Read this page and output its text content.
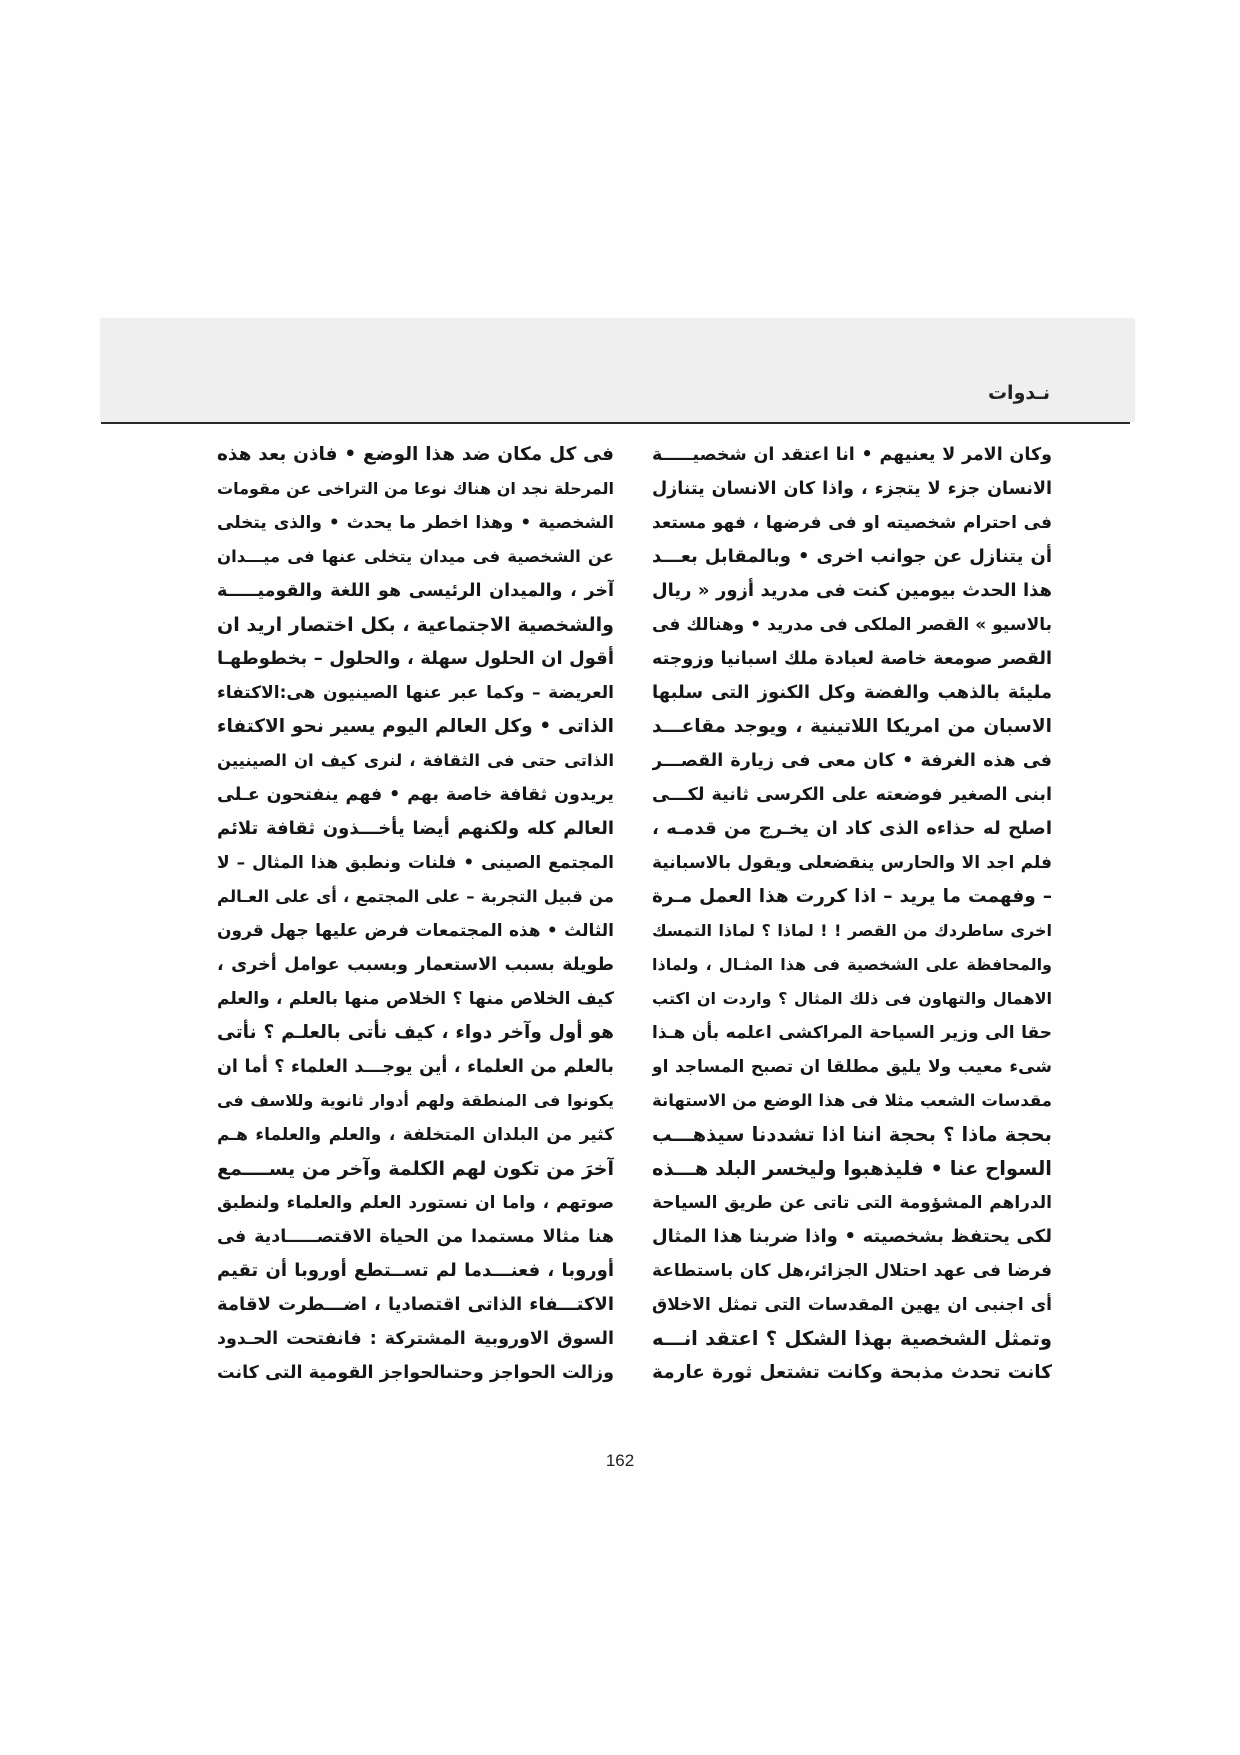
نـدوات
وكان الامر لا يعنيهم • انا اعتقد ان شخصيـــــة
الانسان جزء لا يتجزء ، واذا كان الانسان يتنازل
فى احترام شخصيته او فى فرضها ، فهو مستعد
أن يتنازل عن جوانب اخرى • وبالمقابل بعـــد
هذا الحدث بيومين كنت فى مدريد أزور « ريال
بالاسيو » القصر الملكى فى مدريد • وهنالك فى
القصر صومعة خاصة لعبادة ملك اسبانيا وزوجته
مليئة بالذهب والفضة وكل الكنوز التى سلبها
الاسبان من امريكا اللاتينية ، ويوجد مقاعـــد
فى هذه الغرفة • كان معى فى زيارة القصـــر
ابنى الصغير فوضعته على الكرسى ثانية لكـــى
اصلح له حذاءه الذى كاد ان يخـرج من قدمـه ،
فلم اجد الا والحارس ينقضعلى ويقول بالاسبانية
– وفهمت ما يريد – اذا كررت هذا العمل مـرة
اخرى ساطردك من القصر ! ! لماذا ؟ لماذا التمسك
والمحافظة على الشخصية فى هذا المثـال ، ولماذا
الاهمال والتهاون فى ذلك المثال ؟ واردت ان اكتب
حقا الى وزير السياحة المراكشى اعلمه بأن هـذا
شىء معيب ولا يليق مطلقا ان تصبح المساجد او
مقدسات الشعب مثلا فى هذا الوضع من الاستهانة
بحجة ماذا ؟ بحجة اننا اذا تشددنا سيذهـــب
السواح عنا • فليذهبوا وليخسر البلد هـــذه
الدراهم المشؤومة التى تاتى عن طريق السياحة
لكى يحتفظ بشخصيته • واذا ضربنا هذا المثال
فرضا فى عهد احتلال الجزائر،هل كان باستطاعة
أى اجنبى ان يهين المقدسات التى تمثل الاخلاق
وتمثل الشخصية بهذا الشكل ؟ اعتقد انـــه
كانت تحدث مذبحة وكانت تشتعل ثورة عارمة
فى كل مكان ضد هذا الوضع • فاذن بعد هذه
المرحلة نجد ان هناك نوعا من التراخى عن مقومات
الشخصية • وهذا اخطر ما يحدث • والذى يتخلى
عن الشخصية فى ميدان يتخلى عنها فى ميـــدان
آخر ، والميدان الرئيسى هو اللغة والقوميـــــة
والشخصية الاجتماعية ، بكل اختصار اريد ان
أقول ان الحلول سهلة ، والحلول – بخطوطهـا
العريضة – وكما عبر عنها الصينيون هى:الاكتفاء
الذاتى • وكل العالم اليوم يسير نحو الاكتفاء
الذاتى حتى فى الثقافة ، لنرى كيف ان الصينيين
يريدون ثقافة خاصة بهم • فهم ينفتحون عـلى
العالم كله ولكنهم أيضا يأخـــذون ثقافة تلائم
المجتمع الصينى • فلنات ونطبق هذا المثال – لا
من قبيل التجربة – على المجتمع ، أى على العـالم
الثالث • هذه المجتمعات فرض عليها جهل قرون
طويلة بسبب الاستعمار وبسبب عوامل أخرى ،
كيف الخلاص منها ؟ الخلاص منها بالعلم ، والعلم
هو أول وآخر دواء ، كيف نأتى بالعلـم ؟ نأتى
بالعلم من العلماء ، أين يوجـــد العلماء ؟ أما ان
يكونوا فى المنطقة ولهم أدوار ثانوية وللاسف فى
كثير من البلدان المتخلفة ، والعلم والعلماء هـم
آخرَ من تكون لهم الكلمة وآخر من يســــمع
صوتهم ، واما ان نستورد العلم والعلماء ولنطبق
هنا مثالا مستمدا من الحياة الاقتصـــــادية فى
أوروبا ، فعنـــدما لم تســتطع أوروبا أن تقيم
الاكتـــفاء الذاتى اقتصاديا ، اضـــطرت لاقامة
السوق الاوروبية المشتركة : فانفتحت الحـدود
وزالت الحواجز وحتىالحواجز القومية التى كانت
162
